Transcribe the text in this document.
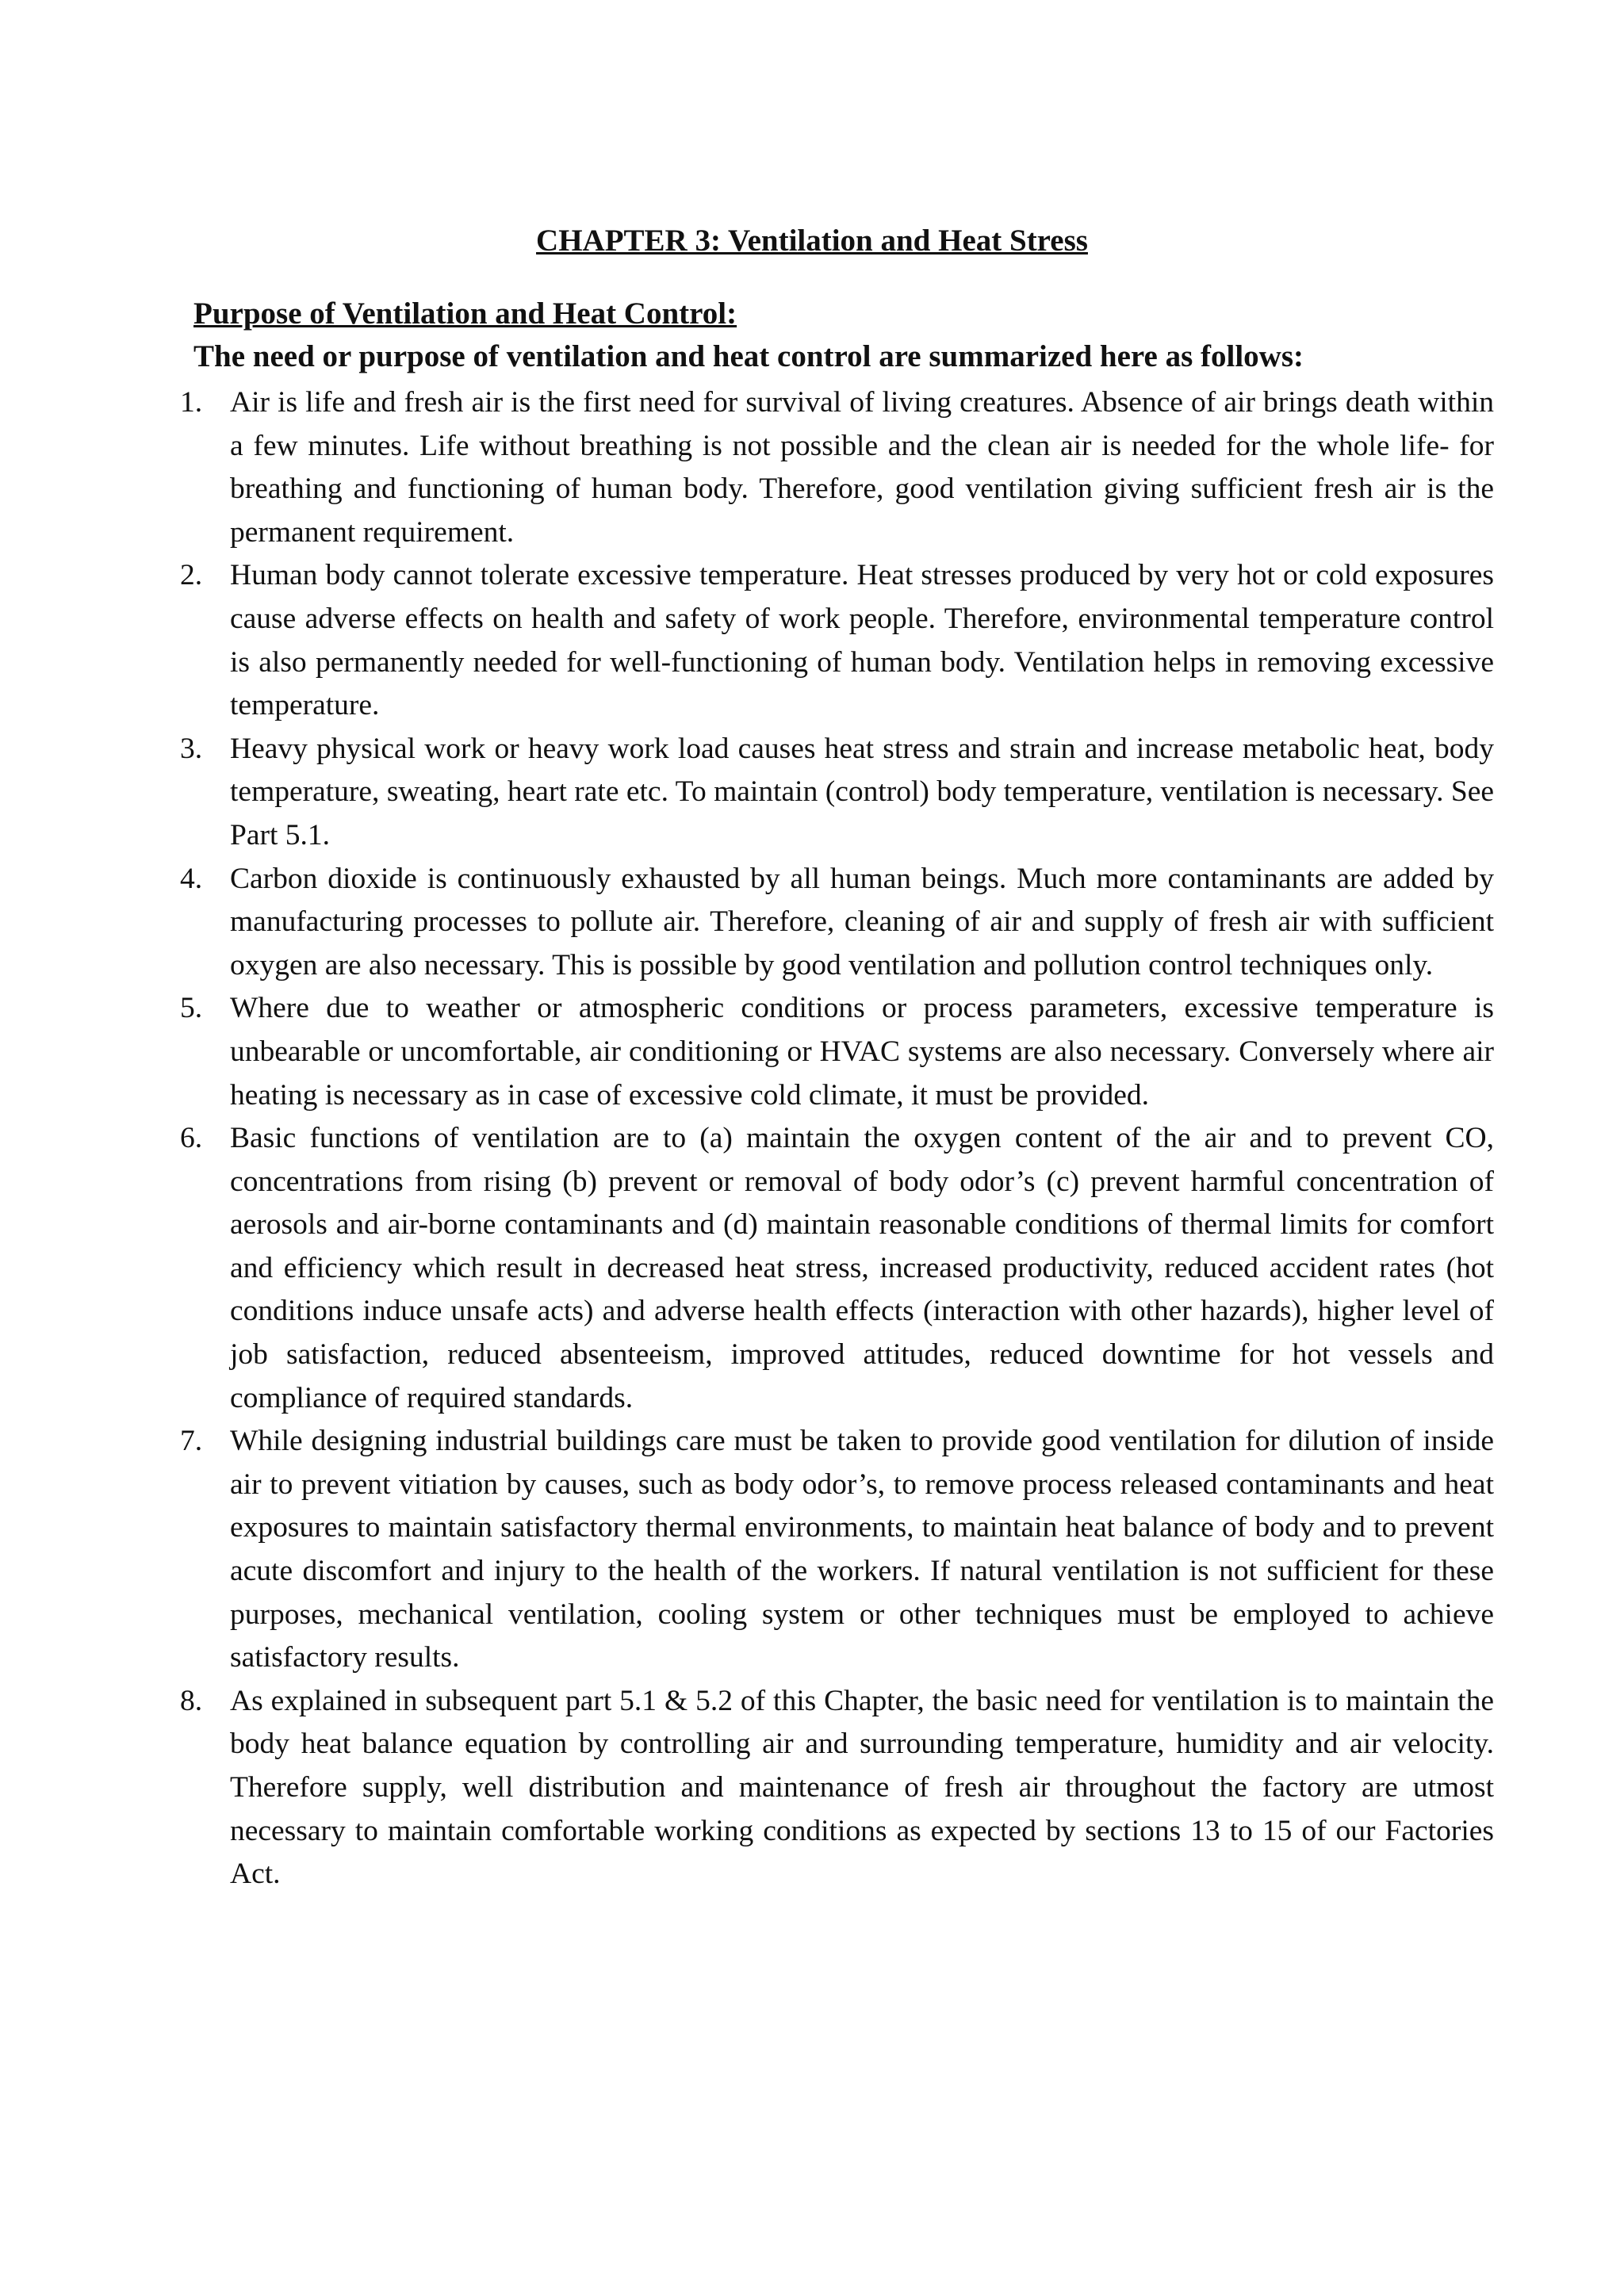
CHAPTER 3: Ventilation and Heat Stress
Purpose of Ventilation and Heat Control:

The need or purpose of ventilation and heat control are summarized here as follows:

1. Air is life and fresh air is the first need for survival of living creatures. Absence of air brings death within a few minutes. Life without breathing is not possible and the clean air is needed for the whole life- for breathing and functioning of human body. Therefore, good ventilation giving sufficient fresh air is the permanent requirement.
2. Human body cannot tolerate excessive temperature. Heat stresses produced by very hot or cold exposures cause adverse effects on health and safety of work people. Therefore, environmental temperature control is also permanently needed for well-functioning of human body. Ventilation helps in removing excessive temperature.
3. Heavy physical work or heavy work load causes heat stress and strain and increase metabolic heat, body temperature, sweating, heart rate etc. To maintain (control) body temperature, ventilation is necessary. See Part 5.1.
4. Carbon dioxide is continuously exhausted by all human beings. Much more contaminants are added by manufacturing processes to pollute air. Therefore, cleaning of air and supply of fresh air with sufficient oxygen are also necessary. This is possible by good ventilation and pollution control techniques only.
5. Where due to weather or atmospheric conditions or process parameters, excessive temperature is unbearable or uncomfortable, air conditioning or HVAC systems are also necessary. Conversely where air heating is necessary as in case of excessive cold climate, it must be provided.
6. Basic functions of ventilation are to (a) maintain the oxygen content of the air and to prevent CO, concentrations from rising (b) prevent or removal of body odor’s (c) prevent harmful concentration of aerosols and air-borne contaminants and (d) maintain reasonable conditions of thermal limits for comfort and efficiency which result in decreased heat stress, increased productivity, reduced accident rates (hot conditions induce unsafe acts) and adverse health effects (interaction with other hazards), higher level of job satisfaction, reduced absenteeism, improved attitudes, reduced downtime for hot vessels and compliance of required standards.
7. While designing industrial buildings care must be taken to provide good ventilation for dilution of inside air to prevent vitiation by causes, such as body odor’s, to remove process released contaminants and heat exposures to maintain satisfactory thermal environments, to maintain heat balance of body and to prevent acute discomfort and injury to the health of the workers. If natural ventilation is not sufficient for these purposes, mechanical ventilation, cooling system or other techniques must be employed to achieve satisfactory results.
8. As explained in subsequent part 5.1 & 5.2 of this Chapter, the basic need for ventilation is to maintain the body heat balance equation by controlling air and surrounding temperature, humidity and air velocity. Therefore supply, well distribution and maintenance of fresh air throughout the factory are utmost necessary to maintain comfortable working conditions as expected by sections 13 to 15 of our Factories Act.
